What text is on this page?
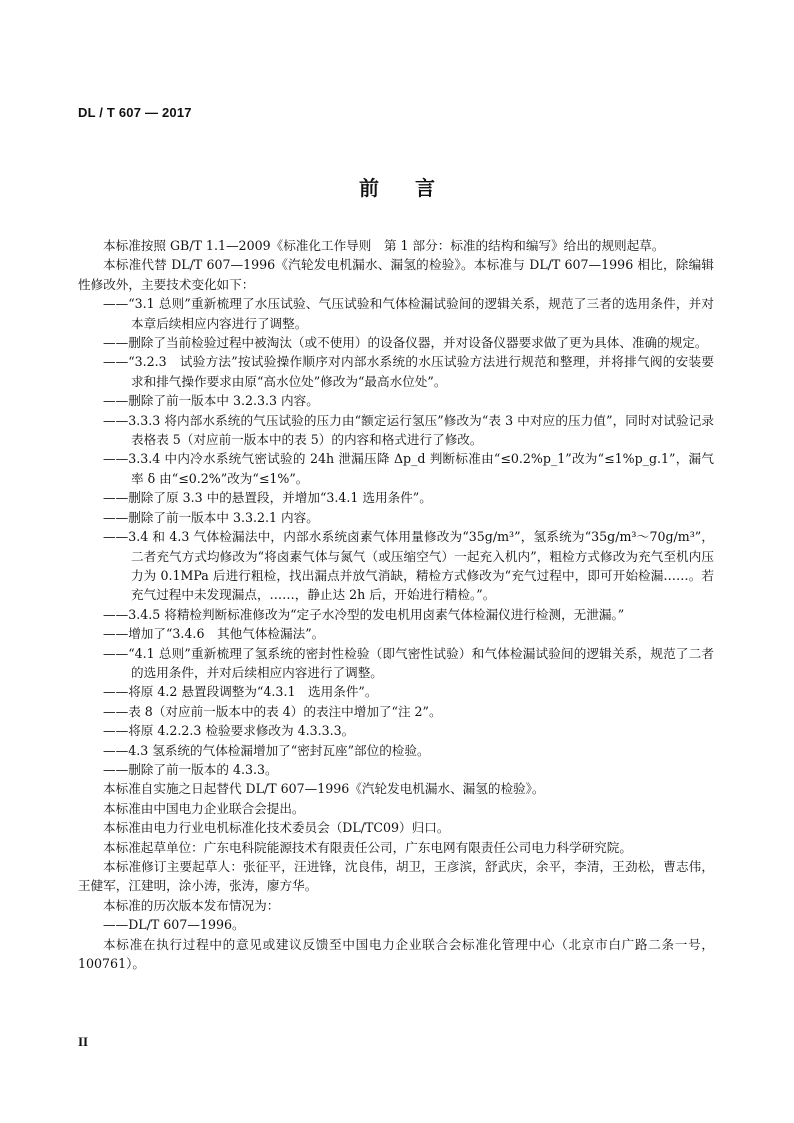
DL / T 607 — 2017
前言

本标准按照 GB/T 1.1—2009《标准化工作导则　第 1 部分：标准的结构和编写》给出的规则起草。

本标准代替 DL/T 607—1996《汽轮发电机漏水、漏氢的检验》。本标准与 DL/T 607—1996 相比，除编辑性修改外，主要技术变化如下：

——“3.1 总则”重新梳理了水压试验、气压试验和气体检漏试验间的逻辑关系，规范了三者的选用条件，并对本章后续相应内容进行了调整。

——删除了当前检验过程中被淘汰（或不使用）的设备仪器，并对设备仪器要求做了更为具体、准确的规定。

——“3.2.3　试验方法”按试验操作顺序对内部水系统的水压试验方法进行规范和整理，并将排气阀的安装要求和排气操作要求由原“高水位处”修改为“最高水位处”。

——删除了前一版本中 3.2.3.3 内容。

——3.3.3 将内部水系统的气压试验的压力由“额定运行氢压”修改为“表 3 中对应的压力值”，同时对试验记录表格表 5（对应前一版本中的表 5）的内容和格式进行了修改。

——3.3.4 中内冷水系统气密试验的 24h 泄漏压降 Δp_d 判断标准由“≤0.2%p_1”改为“≤1%p_g.1”，漏气率 δ 由“≤0.2%”改为“≤1%”。

——删除了原 3.3 中的悬置段，并增加“3.4.1 选用条件”。

——删除了前一版本中 3.3.2.1 内容。

——3.4 和 4.3 气体检漏法中，内部水系统卤素气体用量修改为“35g/m³”，氢系统为“35g/m³～70g/m³”，二者充气方式均修改为“将卤素气体与氮气（或压缩空气）一起充入机内”，粗检方式修改为充气至机内压力为 0.1MPa 后进行粗检，找出漏点并放气消缺，精检方式修改为“充气过程中，即可开始检漏……。若充气过程中未发现漏点，……，静止达 2h 后，开始进行精检。”。

——3.4.5 将精检判断标准修改为“定子水冷型的发电机用卤素气体检漏仪进行检测，无泄漏。”

——增加了“3.4.6　其他气体检漏法”。

——“4.1 总则”重新梳理了氢系统的密封性检验（即气密性试验）和气体检漏试验间的逻辑关系，规范了二者的选用条件，并对后续相应内容进行了调整。

——将原 4.2 悬置段调整为“4.3.1　选用条件”。

——表 8（对应前一版本中的表 4）的表注中增加了“注 2”。

——将原 4.2.2.3 检验要求修改为 4.3.3.3。

——4.3 氢系统的气体检漏增加了“密封瓦座”部位的检验。

——删除了前一版本的 4.3.3。

本标准自实施之日起替代 DL/T 607—1996《汽轮发电机漏水、漏氢的检验》。

本标准由中国电力企业联合会提出。

本标准由电力行业电机标准化技术委员会（DL/TC09）归口。

本标准起草单位：广东电科院能源技术有限责任公司，广东电网有限责任公司电力科学研究院。

本标准修订主要起草人：张征平，汪进锋，沈良伟，胡卫，王彦滨，舒武庆，余平，李清，王劲松，曹志伟，王健军，江建明，涂小涛，张涛，廖方华。

本标准的历次版本发布情况为：

——DL/T 607—1996。

本标准在执行过程中的意见或建议反馈至中国电力企业联合会标准化管理中心（北京市白广路二条一号，100761）。

II
